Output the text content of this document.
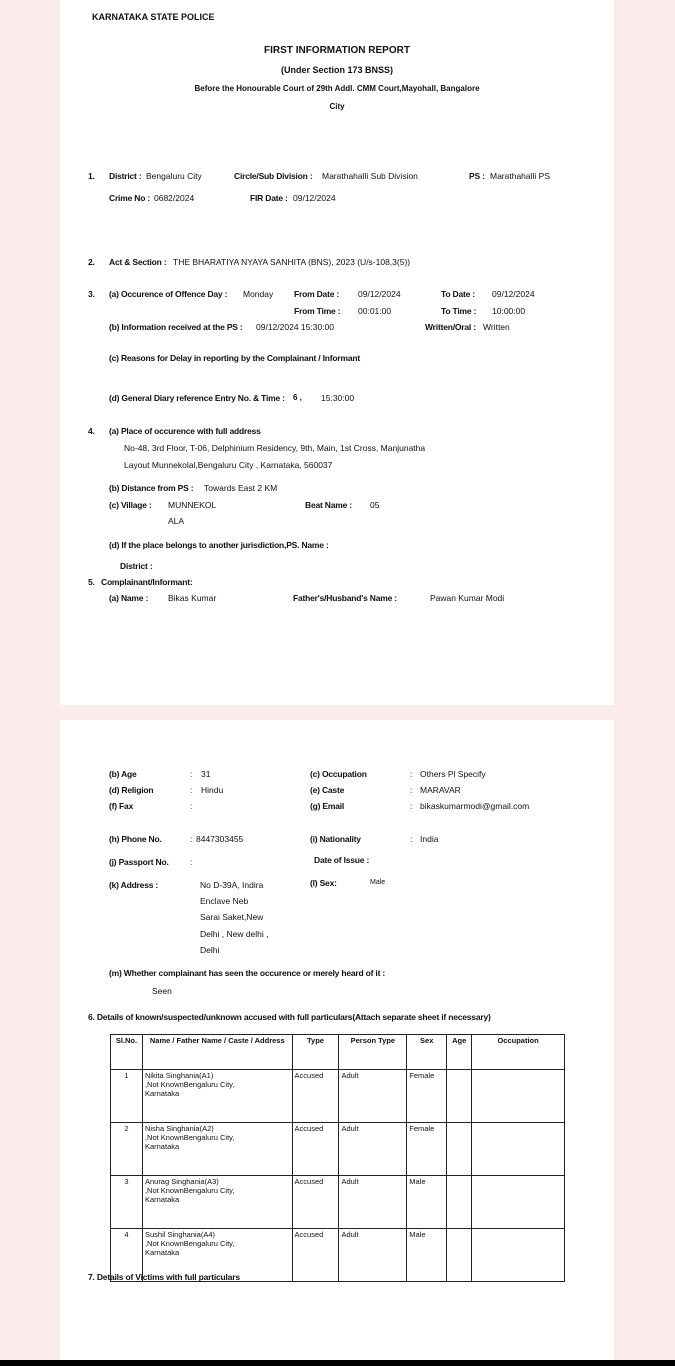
KARNATAKA STATE POLICE
FIRST INFORMATION REPORT
(Under Section 173 BNSS)
Before the Honourable Court of 29th Addl. CMM Court,Mayohall, Bangalore
City
1. District : Bengaluru City	Circle/Sub Division : Marathahalli Sub Division	PS : Marathahalli PS
Crime No : 0682/2024	FIR Date : 09/12/2024
2. Act & Section : THE BHARATIYA NYAYA SANHITA (BNS), 2023 (U/s-108,3(5))
3. (a) Occurence of Offence Day : Monday From Date : 09/12/2024	To Date : 09/12/2024
From Time : 00:01:00	To Time : 10:00:00
(b) Information received at the PS : 09/12/2024 15:30:00	Written/Oral : Written
(c) Reasons for Delay in reporting by the Complainant / Informant
(d) General Diary reference Entry No. & Time : 6 , 15:30:00
4. (a) Place of occurence with full address
No-48, 3rd Floor, T-06, Delphinium Residency, 9th, Main, 1st Cross, Manjunatha
Layout Munnekolal,Bengaluru City , Karnataka, 560037
(b) Distance from PS : Towards East 2 KM
(c) Village : MUNNEKOL
ALA
Beat Name : 05
(d) If the place belongs to another jurisdiction,PS. Name :
District :
5. Complainant/Informant:
(a) Name : Bikas Kumar	Father's/Husband's Name :	Pawan Kumar Modi
(b) Age	: 31	(c) Occupation	: Others Pl Specify
(d) Religion	: Hindu	(e) Caste	: MARAVAR
(f) Fax	:	(g) Email	: bikaskumarmodi@gmail.com
(h) Phone No.	: 8447303455	(i) Nationality	: India
(j) Passport No.	:	Date of Issue :
(k) Address :	No D-39A, Indira
Enclave Neb
Sarai Saket,New
Delhi , New delhi ,
Delhi
(l) Sex:	Male
(m) Whether complainant has seen the occurence or merely heard of it :
Seen
6. Details of known/suspected/unknown accused with full particulars(Attach separate sheet if necessary)
Sl.No.	Name / Father Name / Caste / Address	Type	Person Type	Sex	Age	Occupation
1	Nikita Singhania(A1)
,Not KnownBengaluru City,
Karnataka	Accused	Adult	Female		
2	Nisha Singhania(A2)
,Not KnownBengaluru City,
Karnataka	Accused	Adult	Female		
3	Anurag Singhania(A3)
,Not KnownBengaluru City,
Karnataka	Accused	Adult	Male		
4	Sushil Singhania(A4)
,Not KnownBengaluru City,
Karnataka	Accused	Adult	Male		
7. Details of Victims with full particulars
